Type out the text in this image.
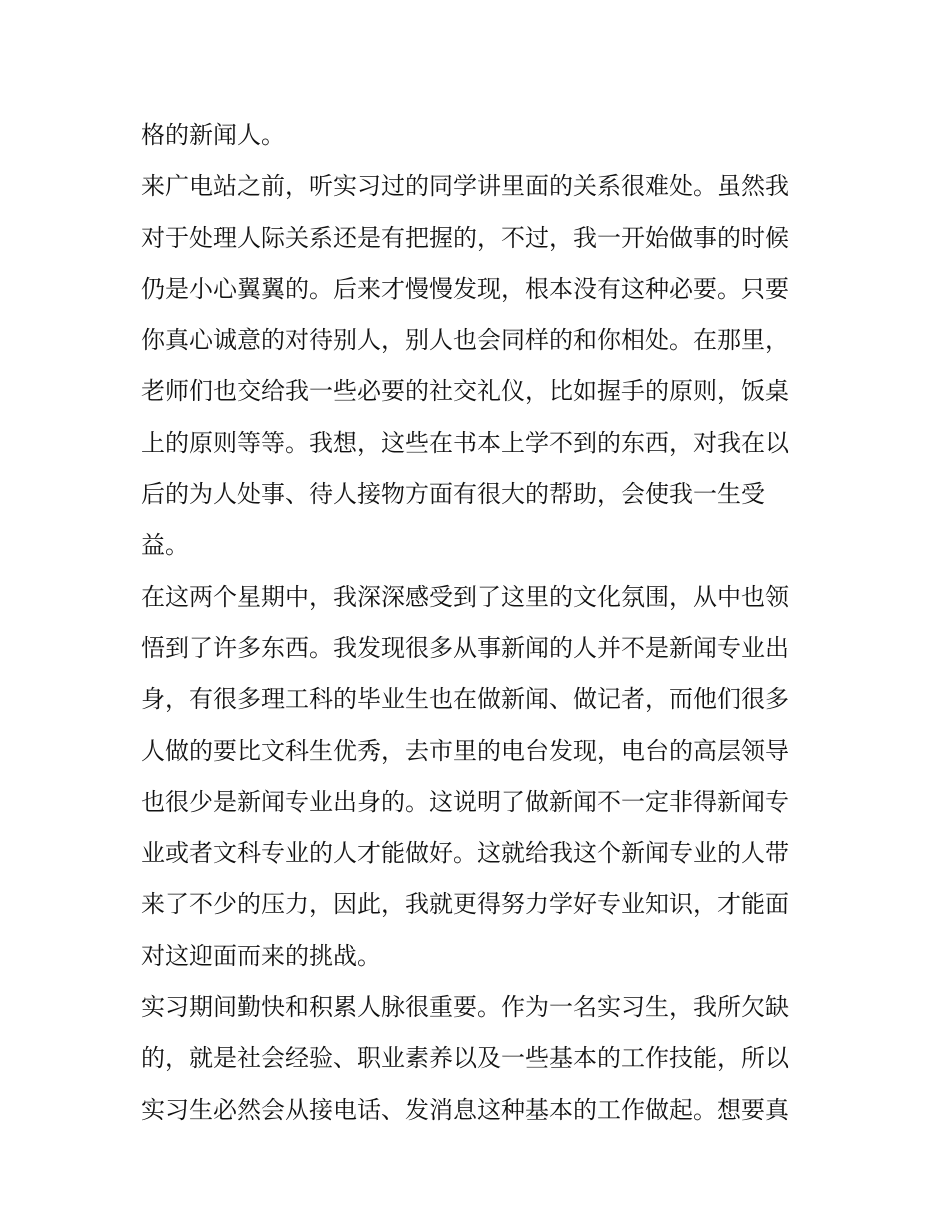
格的新闻人。
来广电站之前，听实习过的同学讲里面的关系很难处。虽然我
对于处理人际关系还是有把握的，不过，我一开始做事的时候
仍是小心翼翼的。后来才慢慢发现，根本没有这种必要。只要
你真心诚意的对待别人，别人也会同样的和你相处。在那里，
老师们也交给我一些必要的社交礼仪，比如握手的原则，饭桌
上的原则等等。我想，这些在书本上学不到的东西，对我在以
后的为人处事、待人接物方面有很大的帮助，会使我一生受
益。
在这两个星期中，我深深感受到了这里的文化氛围，从中也领
悟到了许多东西。我发现很多从事新闻的人并不是新闻专业出
身，有很多理工科的毕业生也在做新闻、做记者，而他们很多
人做的要比文科生优秀，去市里的电台发现，电台的高层领导
也很少是新闻专业出身的。这说明了做新闻不一定非得新闻专
业或者文科专业的人才能做好。这就给我这个新闻专业的人带
来了不少的压力，因此，我就更得努力学好专业知识，才能面
对这迎面而来的挑战。
实习期间勤快和积累人脉很重要。作为一名实习生，我所欠缺
的，就是社会经验、职业素养以及一些基本的工作技能，所以
实习生必然会从接电话、发消息这种基本的工作做起。想要真
